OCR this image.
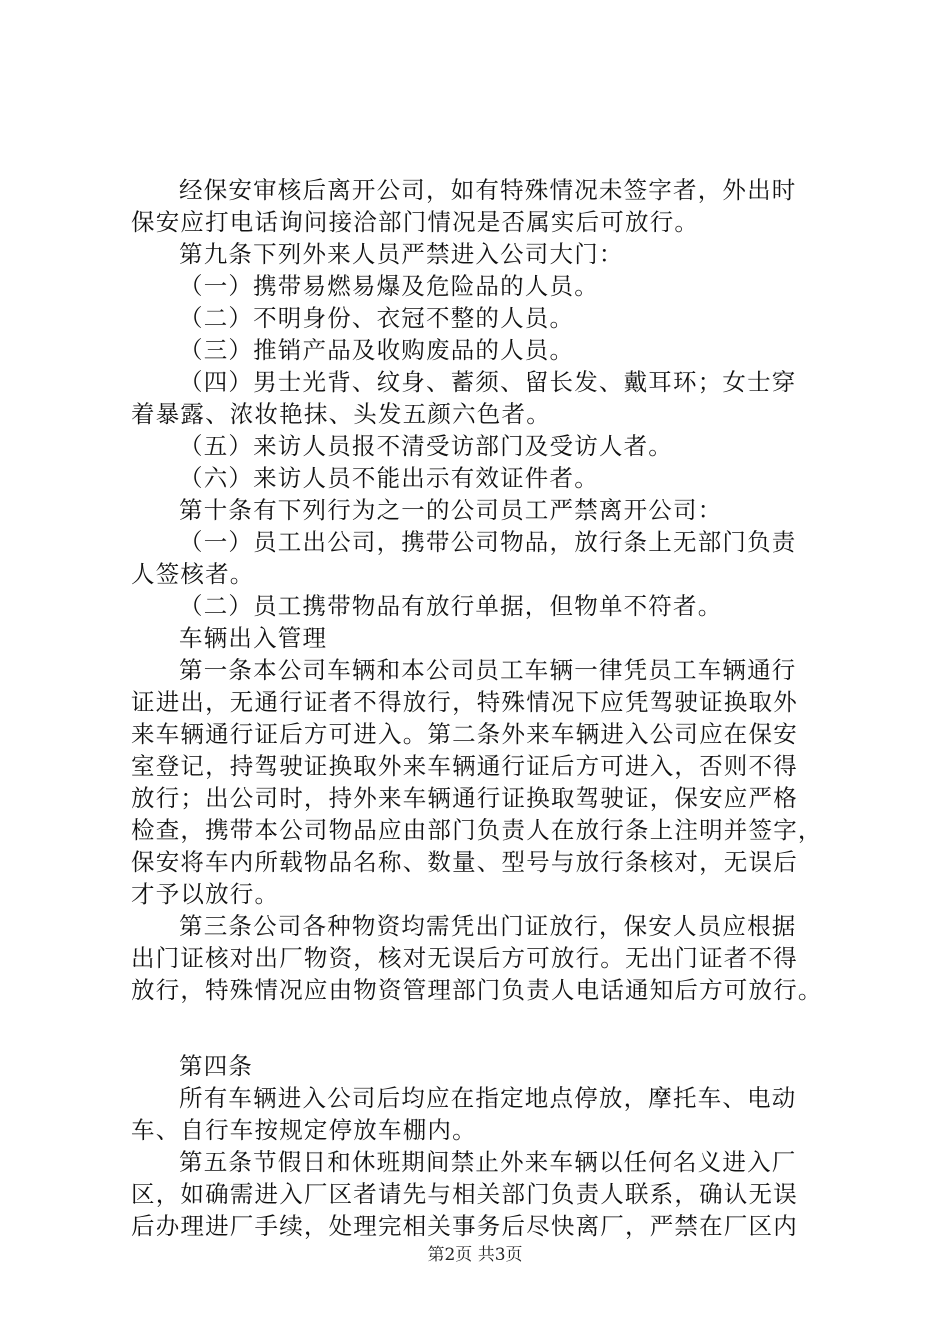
经保安审核后离开公司，如有特殊情况未签字者，外出时
保安应打电话询问接洽部门情况是否属实后可放行。
第九条下列外来人员严禁进入公司大门：
（一）携带易燃易爆及危险品的人员。
（二）不明身份、衣冠不整的人员。
（三）推销产品及收购废品的人员。
（四）男士光背、纹身、蓄须、留长发、戴耳环；女士穿
着暴露、浓妆艳抹、头发五颜六色者。
（五）来访人员报不清受访部门及受访人者。
（六）来访人员不能出示有效证件者。
第十条有下列行为之一的公司员工严禁离开公司：
（一）员工出公司，携带公司物品，放行条上无部门负责
人签核者。
（二）员工携带物品有放行单据，但物单不符者。
车辆出入管理
第一条本公司车辆和本公司员工车辆一律凭员工车辆通行
证进出，无通行证者不得放行，特殊情况下应凭驾驶证换取外
来车辆通行证后方可进入。第二条外来车辆进入公司应在保安
室登记，持驾驶证换取外来车辆通行证后方可进入，否则不得
放行；出公司时，持外来车辆通行证换取驾驶证，保安应严格
检查，携带本公司物品应由部门负责人在放行条上注明并签字，
保安将车内所载物品名称、数量、型号与放行条核对，无误后
才予以放行。
第三条公司各种物资均需凭出门证放行，保安人员应根据
出门证核对出厂物资，核对无误后方可放行。无出门证者不得
放行，特殊情况应由物资管理部门负责人电话通知后方可放行。
第四条
所有车辆进入公司后均应在指定地点停放，摩托车、电动
车、自行车按规定停放车棚内。
第五条节假日和休班期间禁止外来车辆以任何名义进入厂
区，如确需进入厂区者请先与相关部门负责人联系，确认无误
后办理进厂手续，处理完相关事务后尽快离厂，严禁在厂区内
第2页 共3页
